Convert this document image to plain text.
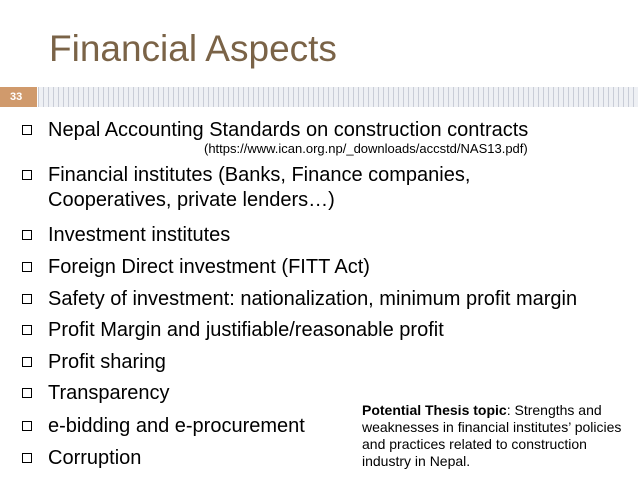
Financial Aspects
33
Nepal Accounting Standards on construction contracts
(https://www.ican.org.np/_downloads/accstd/NAS13.pdf)
Financial institutes (Banks, Finance companies,
Cooperatives, private lenders…)
Investment institutes
Foreign Direct investment (FITT Act)
Safety of investment: nationalization, minimum profit margin
Profit Margin and justifiable/reasonable profit
Profit sharing
Transparency
e-bidding and e-procurement
Corruption
Potential Thesis topic: Strengths and weaknesses in financial institutes’ policies and practices related to construction industry in Nepal.
